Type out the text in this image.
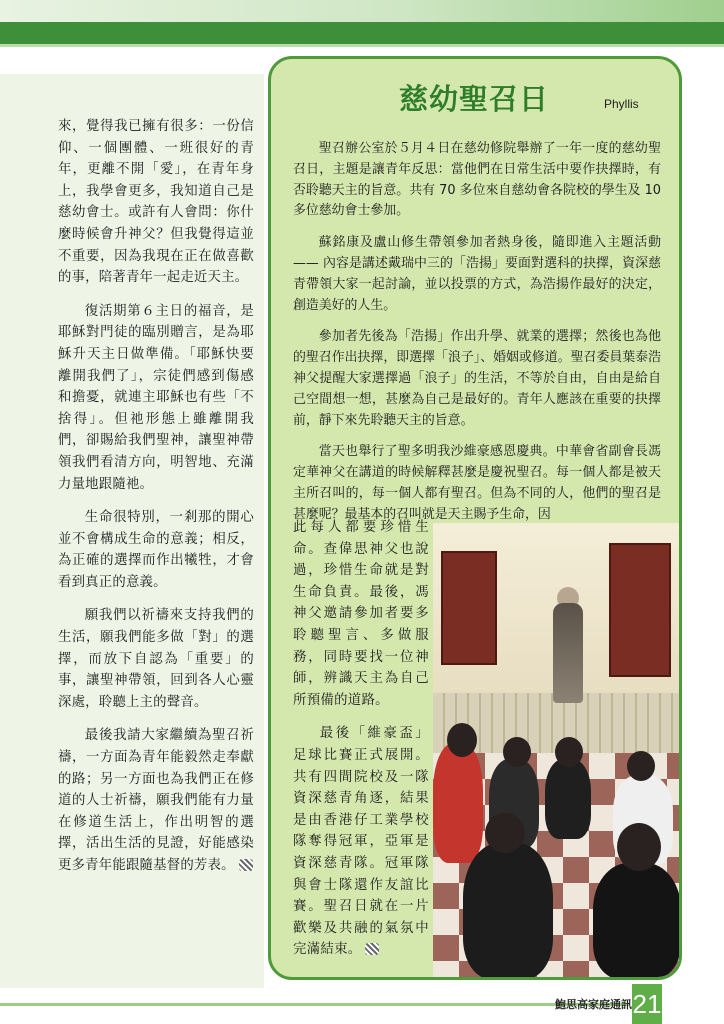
來，覺得我已擁有很多：一份信仰、一個團體、一班很好的青年，更離不開「愛」，在青年身上，我學會更多，我知道自己是慈幼會士。或許有人會問：你什麼時候會升神父？但我覺得這並不重要，因為我現在正在做喜歡的事，陪著青年一起走近天主。

復活期第６主日的福音，是耶穌對門徒的臨別贈言，是為耶穌升天主日做準備。「耶穌快要離開我們了」，宗徒們感到傷感和擔憂，就連主耶穌也有些「不捨得」。但祂形態上雖離開我們，卻賜給我們聖神，讓聖神帶領我們看清方向，明智地、充滿力量地跟隨祂。

生命很特別，一剎那的開心並不會構成生命的意義；相反，為正確的選擇而作出犧牲，才會看到真正的意義。

願我們以祈禱來支持我們的生活，願我們能多做「對」的選擇，而放下自認為「重要」的事，讓聖神帶領，回到各人心靈深處，聆聽上主的聲音。

最後我請大家繼續為聖召祈禱，一方面為青年能毅然走奉獻的路；另一方面也為我們正在修道的人士祈禱，願我們能有力量在修道生活上，作出明智的選擇，活出生活的見證，好能感染更多青年能跟隨基督的芳表。

慈幼聖召日	Phyllis

聖召辦公室於５月４日在慈幼修院舉辦了一年一度的慈幼聖召日，主題是讓青年反思：當他們在日常生活中要作抉擇時，有否聆聽天主的旨意。共有 70 多位來自慈幼會各院校的學生及 10 多位慈幼會士參加。

蘇銘康及盧山修生帶領參加者熱身後，隨即進入主題活動 —— 內容是講述戴瑞中三的「浩揚」要面對選科的抉擇，資深慈青帶領大家一起討論，並以投票的方式，為浩揚作最好的決定，創造美好的人生。

參加者先後為「浩揚」作出升學、就業的選擇；然後也為他的聖召作出抉擇，即選擇「浪子」、婚姻或修道。聖召委員葉泰浩神父提醒大家選擇過「浪子」的生活，不等於自由，自由是給自己空間想一想，甚麼為自己是最好的。青年人應該在重要的抉擇前，靜下來先聆聽天主的旨意。

當天也舉行了聖多明我沙維豪感恩慶典。中華會省副會長馮定華神父在講道的時候解釋甚麼是慶祝聖召。每一個人都是被天主所召叫的，每一個人都有聖召。但為不同的人，他們的聖召是甚麼呢？最基本的召叫就是天主賜予生命，因

此每人都要珍惜生命。查偉思神父也說過，珍惜生命就是對生命負責。最後，馮神父邀請參加者要多聆聽聖言、多做服務，同時要找一位神師，辨識天主為自己所預備的道路。

最後「維豪盃」足球比賽正式展開。共有四間院校及一隊資深慈青角逐，結果是由香港仔工業學校隊奪得冠軍，亞軍是資深慈青隊。冠軍隊與會士隊還作友誼比賽。聖召日就在一片歡樂及共融的氣氛中完滿結束。

鮑思高家庭通訊 21
